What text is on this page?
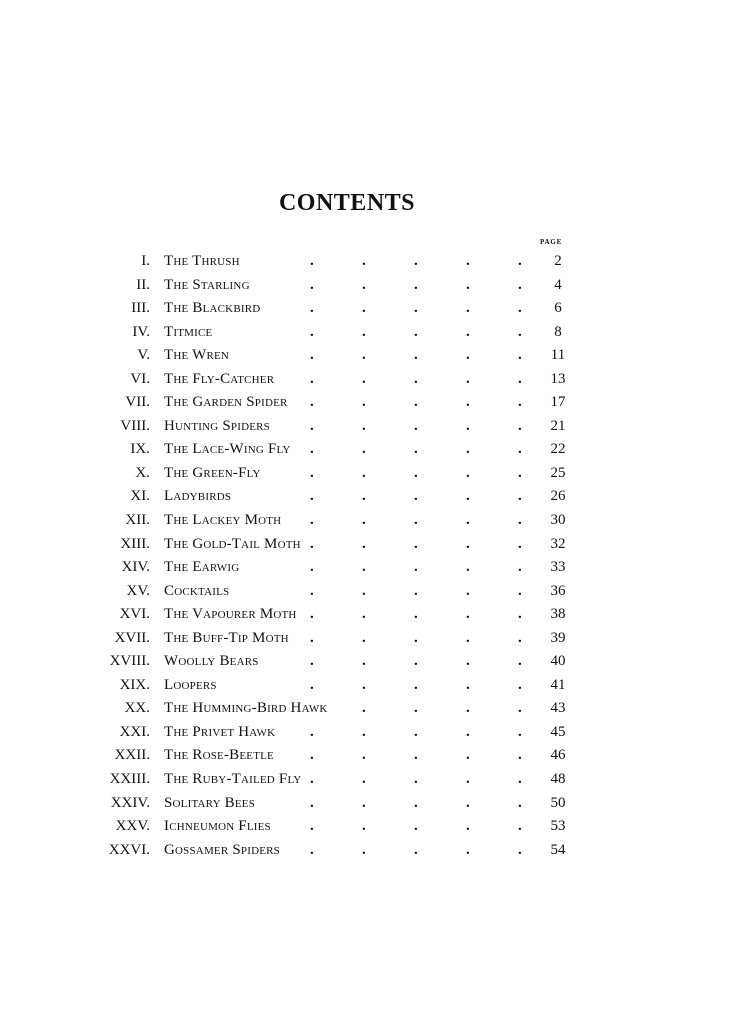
CONTENTS
PAGE
I. The Thrush	.	.	.	.	.	2
II. The Starling	.	.	.	.	.	4
III. The Blackbird	.	.	.	.	.	6
IV. Titmice	.	.	.	.	.	8
V. The Wren	.	.	.	.	. 11
VI. The Fly-Catcher .	.	.	.	. 13
VII. The Garden Spider .	.	.	.	. 17
VIII. Hunting Spiders	.	.	.	.	. 21
IX. The Lace-Wing Fly .	.	.	.	. 22
X. The Green-Fly	.	.	.	.	. 25
XI. Ladybirds	.	.	.	.	. 26
XII. The Lackey Moth .	.	.	.	. 30
XIII. The Gold-Tail Moth .	.	.	.	. 32
XIV. The Earwig	.	.	.	.	. 33
XV. Cocktails	.	.	.	.	. 36
XVI. The Vapourer Moth .	.	.	.	. 38
XVII. The Buff-Tip Moth .	.	.	.	. 39
XVIII. Woolly Bears	.	.	.	.	. 40
XIX. Loopers	.	.	.	.	. 41
XX. The Humming-Bird Hawk .	.	.	. 43
XXI. The Privet Hawk .	.	.	.	. 45
XXII. The Rose-Beetle .	.	.	.	. 46
XXIII. The Ruby-Tailed Fly .	.	.	.	. 48
XXIV. Solitary Bees	.	.	.	.	. 50
XXV. Ichneumon Flies	.	.	.	.	. 53
XXVI. Gossamer Spiders .	.	.	.	. 54
